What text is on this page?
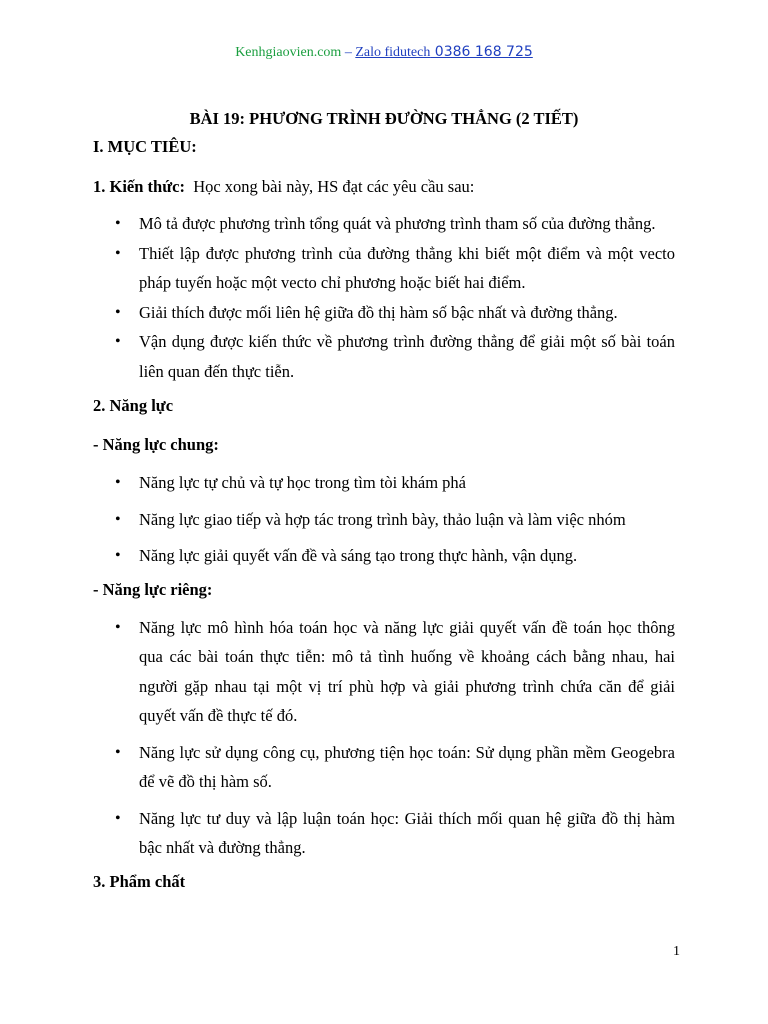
Kenhgiaovien.com – Zalo fidutech 0386 168 725
BÀI 19: PHƯƠNG TRÌNH ĐƯỜNG THẲNG (2 TIẾT)
I. MỤC TIÊU:
1. Kiến thức: Học xong bài này, HS đạt các yêu cầu sau:
• Mô tả được phương trình tổng quát và phương trình tham số của đường thẳng.
• Thiết lập được phương trình của đường thẳng khi biết một điểm và một vecto pháp tuyến hoặc một vecto chỉ phương hoặc biết hai điểm.
• Giải thích được mối liên hệ giữa đồ thị hàm số bậc nhất và đường thẳng.
• Vận dụng được kiến thức về phương trình đường thẳng để giải một số bài toán liên quan đến thực tiễn.
2. Năng lực
- Năng lực chung:
• Năng lực tự chủ và tự học trong tìm tòi khám phá
• Năng lực giao tiếp và hợp tác trong trình bày, thảo luận và làm việc nhóm
• Năng lực giải quyết vấn đề và sáng tạo trong thực hành, vận dụng.
- Năng lực riêng:
• Năng lực mô hình hóa toán học và năng lực giải quyết vấn đề toán học thông qua các bài toán thực tiễn: mô tả tình huống về khoảng cách bằng nhau, hai người gặp nhau tại một vị trí phù hợp và giải phương trình chứa căn để giải quyết vấn đề thực tế đó.
• Năng lực sử dụng công cụ, phương tiện học toán: Sử dụng phần mềm Geogebra để vẽ đồ thị hàm số.
• Năng lực tư duy và lập luận toán học: Giải thích mối quan hệ giữa đồ thị hàm bậc nhất và đường thẳng.
3. Phẩm chất
1
